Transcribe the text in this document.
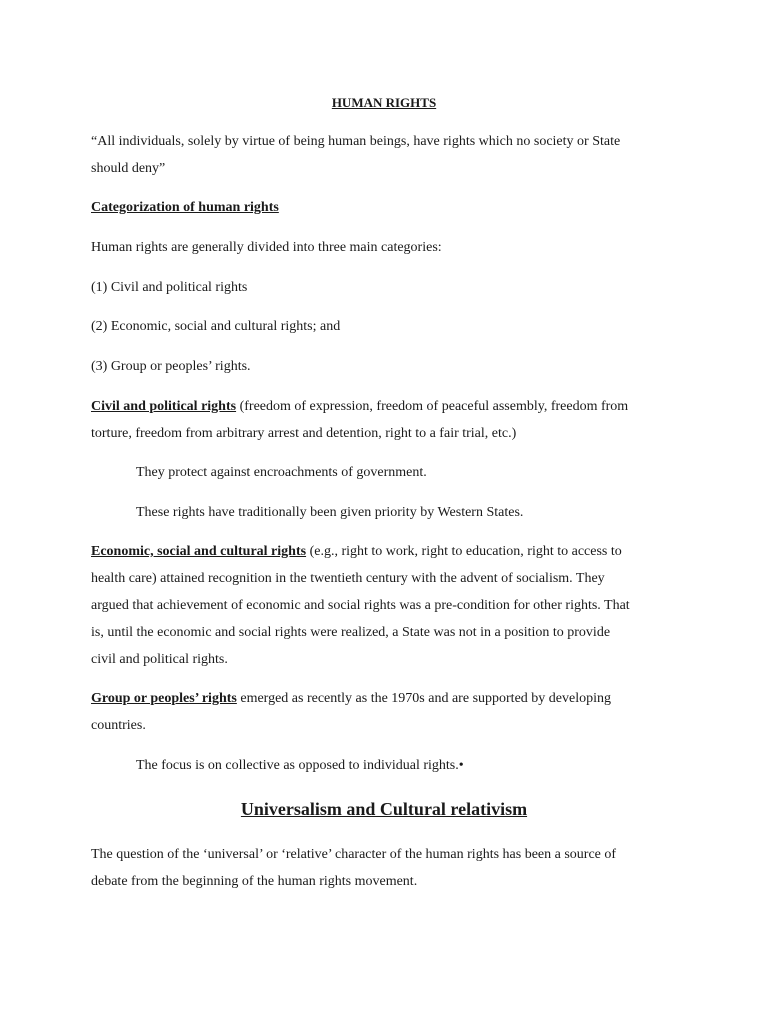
HUMAN RIGHTS
“All individuals, solely by virtue of being human beings, have rights which no society or State
should deny”
Categorization of human rights
Human rights are generally divided into three main categories:
(1) Civil and political rights
(2) Economic, social and cultural rights; and
(3) Group or peoples’ rights.
Civil and political rights (freedom of expression, freedom of peaceful assembly, freedom from
torture, freedom from arbitrary arrest and detention, right to a fair trial, etc.)
They protect against encroachments of government.
These rights have traditionally been given priority by Western States.
Economic, social and cultural rights (e.g., right to work, right to education, right to access to
health care) attained recognition in the twentieth century with the advent of socialism. They
argued that achievement of economic and social rights was a pre-condition for other rights. That
is, until the economic and social rights were realized, a State was not in a position to provide
civil and political rights.
Group or peoples’ rights emerged as recently as the 1970s and are supported by developing
countries.
The focus is on collective as opposed to individual rights.•
Universalism and Cultural relativism
The question of the ‘universal’ or ‘relative’ character of the human rights has been a source of
debate from the beginning of the human rights movement.
